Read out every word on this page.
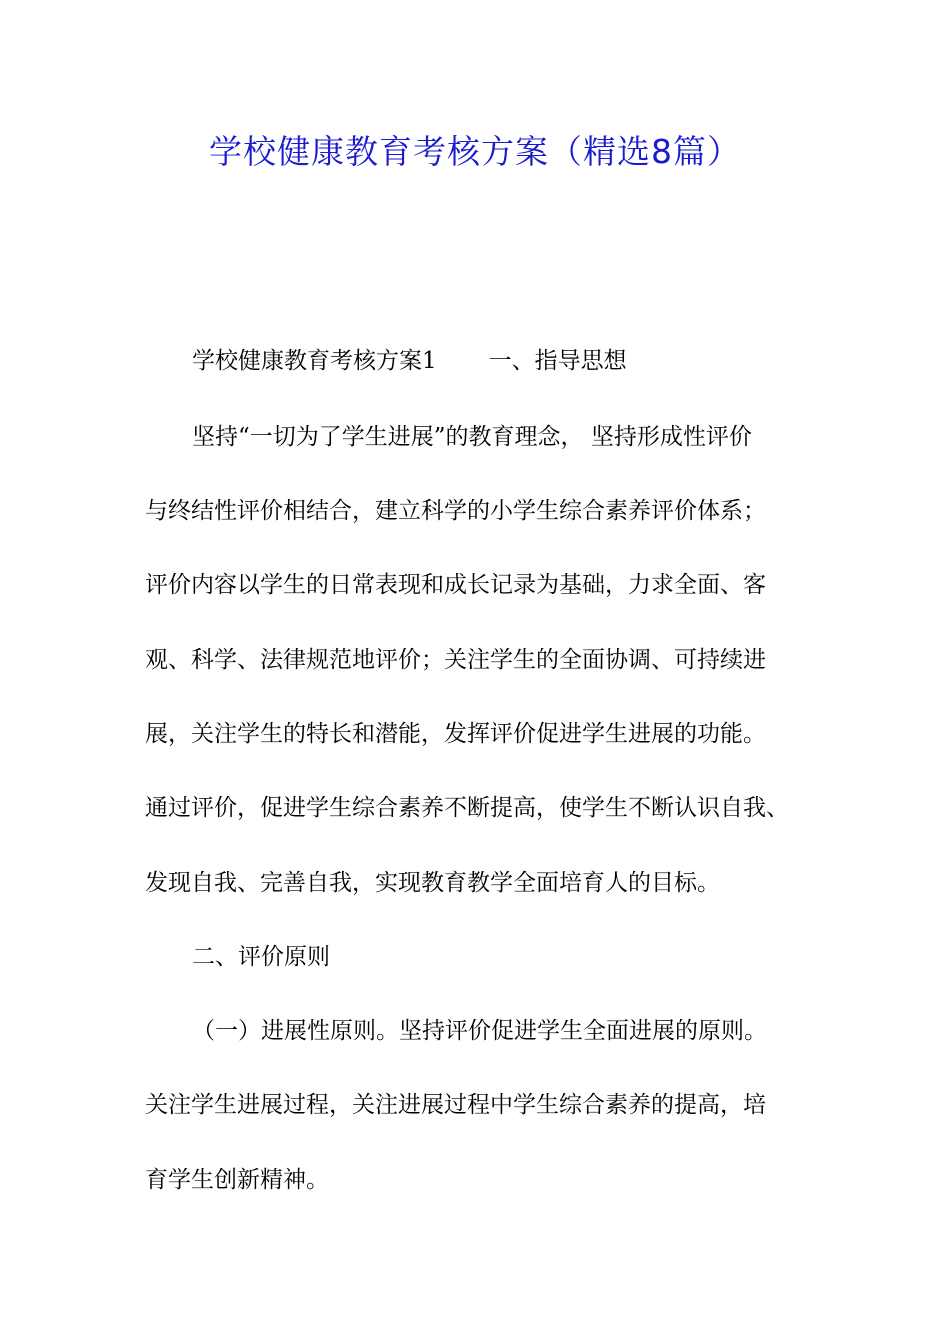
学校健康教育考核方案（精选8篇）

学校健康教育考核方案1 一、指导思想

坚持“一切为了学生进展”的教育理念， 坚持形成性评价

与终结性评价相结合，建立科学的小学生综合素养评价体系；

评价内容以学生的日常表现和成长记录为基础，力求全面、客

观、科学、法律规范地评价；关注学生的全面协调、可持续进

展，关注学生的特长和潜能，发挥评价促进学生进展的功能。

通过评价，促进学生综合素养不断提高，使学生不断认识自我、

发现自我、完善自我，实现教育教学全面培育人的目标。

二、评价原则

（一）进展性原则。坚持评价促进学生全面进展的原则。

关注学生进展过程，关注进展过程中学生综合素养的提高，培

育学生创新精神。
